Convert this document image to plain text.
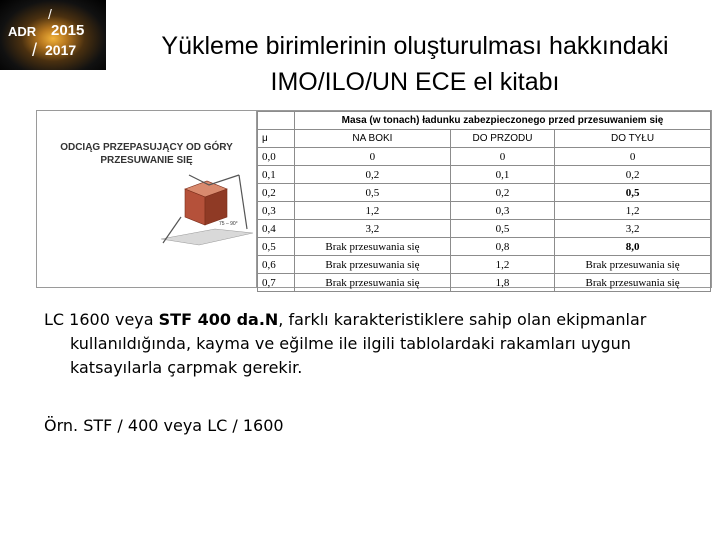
/
ADR 2015
/ 2017	Yükleme birimlerinin oluşturulması hakkındaki
IMO/ILO/UN ECE el kitabı
ODCIĄG PRZEPASUJĄCY OD GÓRY
PRZESUWANIE SIĘ
75 – 90°
	Masa (w tonach) ładunku zabezpieczonego przed przesuwaniem się		
μ	NA BOKI	DO PRZODU	DO TYŁU
0,0	0	0	0
0,1	0,2	0,1	0,2
0,2	0,5	0,2	0,5
0,3	1,2	0,3	1,2
0,4	3,2	0,5	3,2
0,5	Brak przesuwania się	0,8	8,0
0,6	Brak przesuwania się	1,2	Brak przesuwania się
0,7	Brak przesuwania się	1,8	Brak przesuwania się
LC 1600 veya STF 400 da.N, farklı karakteristiklere sahip olan ekipmanlar
kullanıldığında, kayma ve eğilme ile ilgili tablolardaki rakamları uygun
katsayılarla çarpmak gerekir.
Örn. STF / 400 veya LC / 1600
